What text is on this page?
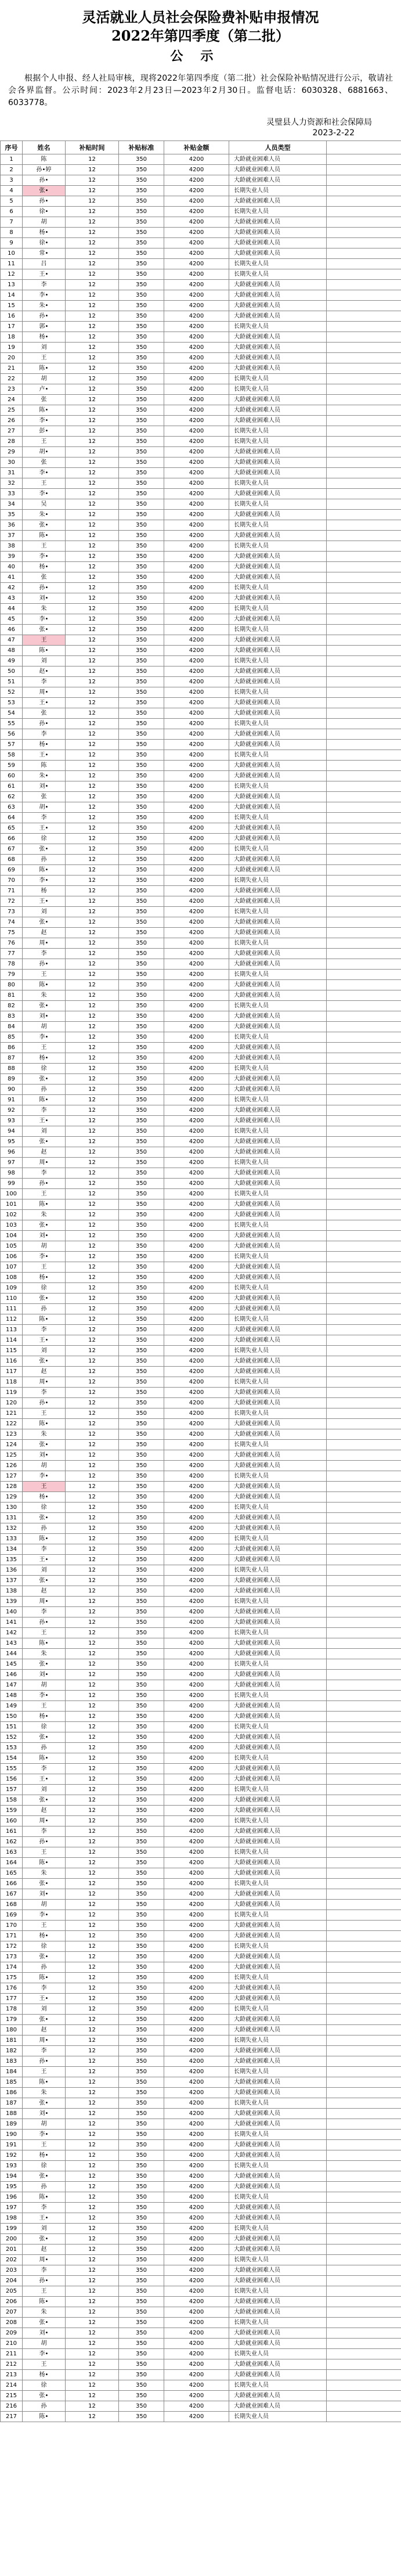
灵活就业人员社会保险费补贴申报情况
2022年第四季度（第二批）
公示

根据个人申报、经人社局审核，现将2022年第四季度（第二批）社会保险补贴情况进行公示，敬请社会各界监督。公示时间：2023年2月23日—2023年2月30日。监督电话：6030328、6881663、6033778。

灵璧县人力资源和社会保障局

2023-2-22
序号	姓名	补贴时间	补贴标准	补贴金额	人员类型	
1	陈	12	350	4200	大龄就业困难人员	
2	孙•婷	12	350	4200	大龄就业困难人员	
3	孙•	12	350	4200	大龄就业困难人员	
4	张•	12	350	4200	长期失业人员	
5	孙•	12	350	4200	大龄就业困难人员	
6	徐•	12	350	4200	长期失业人员	
7	胡	12	350	4200	大龄就业困难人员	
8	杨•	12	350	4200	大龄就业困难人员	
9	徐•	12	350	4200	大龄就业困难人员	
10	常•	12	350	4200	大龄就业困难人员	
11	吕	12	350	4200	长期失业人员	
12	王•	12	350	4200	长期失业人员	
13	李	12	350	4200	大龄就业困难人员	
14	李•	12	350	4200	大龄就业困难人员	
15	朱•	12	350	4200	大龄就业困难人员	
16	孙•	12	350	4200	大龄就业困难人员	
17	郭•	12	350	4200	长期失业人员	
18	杨•	12	350	4200	大龄就业困难人员	
19	刘	12	350	4200	大龄就业困难人员	
20	王	12	350	4200	大龄就业困难人员	
21	陈•	12	350	4200	大龄就业困难人员	
22	胡	12	350	4200	长期失业人员	
23	卢•	12	350	4200	长期失业人员	
24	张	12	350	4200	大龄就业困难人员	
25	陈•	12	350	4200	大龄就业困难人员	
26	李•	12	350	4200	大龄就业困难人员	
27	彭•	12	350	4200	长期失业人员	
28	王	12	350	4200	长期失业人员	
29	胡•	12	350	4200	大龄就业困难人员	
30	张	12	350	4200	大龄就业困难人员	
31	李•	12	350	4200	大龄就业困难人员	
32	王	12	350	4200	长期失业人员	
33	李•	12	350	4200	大龄就业困难人员	
34	吴	12	350	4200	长期失业人员	
35	朱•	12	350	4200	大龄就业困难人员	
36	张•	12	350	4200	长期失业人员	
37	陈•	12	350	4200	大龄就业困难人员	
38	王	12	350	4200	长期失业人员	
39	李•	12	350	4200	大龄就业困难人员	
40	杨•	12	350	4200	大龄就业困难人员	
41	张	12	350	4200	大龄就业困难人员	
42	孙•	12	350	4200	长期失业人员	
43	刘•	12	350	4200	大龄就业困难人员	
44	朱	12	350	4200	长期失业人员	
45	李•	12	350	4200	大龄就业困难人员	
46	张•	12	350	4200	长期失业人员	
47	王	12	350	4200	大龄就业困难人员	
48	陈•	12	350	4200	大龄就业困难人员	
49	刘	12	350	4200	长期失业人员	
50	赵•	12	350	4200	大龄就业困难人员	
51	李	12	350	4200	大龄就业困难人员	
52	周•	12	350	4200	长期失业人员	
53	王•	12	350	4200	大龄就业困难人员	
54	张	12	350	4200	大龄就业困难人员	
55	孙•	12	350	4200	长期失业人员	
56	李	12	350	4200	大龄就业困难人员	
57	杨•	12	350	4200	大龄就业困难人员	
58	王•	12	350	4200	长期失业人员	
59	陈	12	350	4200	大龄就业困难人员	
60	朱•	12	350	4200	大龄就业困难人员	
61	刘•	12	350	4200	长期失业人员	
62	张	12	350	4200	大龄就业困难人员	
63	胡•	12	350	4200	大龄就业困难人员	
64	李	12	350	4200	长期失业人员	
65	王•	12	350	4200	大龄就业困难人员	
66	徐	12	350	4200	大龄就业困难人员	
67	张•	12	350	4200	长期失业人员	
68	孙	12	350	4200	大龄就业困难人员	
69	陈•	12	350	4200	大龄就业困难人员	
70	李•	12	350	4200	长期失业人员	
71	杨	12	350	4200	大龄就业困难人员	
72	王•	12	350	4200	大龄就业困难人员	
73	刘	12	350	4200	长期失业人员	
74	张•	12	350	4200	大龄就业困难人员	
75	赵	12	350	4200	大龄就业困难人员	
76	周•	12	350	4200	长期失业人员	
77	李	12	350	4200	大龄就业困难人员	
78	孙•	12	350	4200	大龄就业困难人员	
79	王	12	350	4200	长期失业人员	
80	陈•	12	350	4200	大龄就业困难人员	
81	朱	12	350	4200	大龄就业困难人员	
82	张•	12	350	4200	长期失业人员	
83	刘•	12	350	4200	大龄就业困难人员	
84	胡	12	350	4200	大龄就业困难人员	
85	李•	12	350	4200	长期失业人员	
86	王	12	350	4200	大龄就业困难人员	
87	杨•	12	350	4200	大龄就业困难人员	
88	徐	12	350	4200	长期失业人员	
89	张•	12	350	4200	大龄就业困难人员	
90	孙	12	350	4200	大龄就业困难人员	
91	陈•	12	350	4200	长期失业人员	
92	李	12	350	4200	大龄就业困难人员	
93	王•	12	350	4200	大龄就业困难人员	
94	刘	12	350	4200	长期失业人员	
95	张•	12	350	4200	大龄就业困难人员	
96	赵	12	350	4200	大龄就业困难人员	
97	周•	12	350	4200	长期失业人员	
98	李	12	350	4200	大龄就业困难人员	
99	孙•	12	350	4200	大龄就业困难人员	
100	王	12	350	4200	长期失业人员	
101	陈•	12	350	4200	大龄就业困难人员	
102	朱	12	350	4200	大龄就业困难人员	
103	张•	12	350	4200	长期失业人员	
104	刘•	12	350	4200	大龄就业困难人员	
105	胡	12	350	4200	大龄就业困难人员	
106	李•	12	350	4200	长期失业人员	
107	王	12	350	4200	大龄就业困难人员	
108	杨•	12	350	4200	大龄就业困难人员	
109	徐	12	350	4200	长期失业人员	
110	张•	12	350	4200	大龄就业困难人员	
111	孙	12	350	4200	大龄就业困难人员	
112	陈•	12	350	4200	长期失业人员	
113	李	12	350	4200	大龄就业困难人员	
114	王•	12	350	4200	大龄就业困难人员	
115	刘	12	350	4200	长期失业人员	
116	张•	12	350	4200	大龄就业困难人员	
117	赵	12	350	4200	大龄就业困难人员	
118	周•	12	350	4200	长期失业人员	
119	李	12	350	4200	大龄就业困难人员	
120	孙•	12	350	4200	大龄就业困难人员	
121	王	12	350	4200	长期失业人员	
122	陈•	12	350	4200	大龄就业困难人员	
123	朱	12	350	4200	大龄就业困难人员	
124	张•	12	350	4200	长期失业人员	
125	刘•	12	350	4200	大龄就业困难人员	
126	胡	12	350	4200	大龄就业困难人员	
127	李•	12	350	4200	长期失业人员	
128	王	12	350	4200	大龄就业困难人员	
129	杨•	12	350	4200	大龄就业困难人员	
130	徐	12	350	4200	长期失业人员	
131	张•	12	350	4200	大龄就业困难人员	
132	孙	12	350	4200	大龄就业困难人员	
133	陈•	12	350	4200	长期失业人员	
134	李	12	350	4200	大龄就业困难人员	
135	王•	12	350	4200	大龄就业困难人员	
136	刘	12	350	4200	长期失业人员	
137	张•	12	350	4200	大龄就业困难人员	
138	赵	12	350	4200	大龄就业困难人员	
139	周•	12	350	4200	长期失业人员	
140	李	12	350	4200	大龄就业困难人员	
141	孙•	12	350	4200	大龄就业困难人员	
142	王	12	350	4200	长期失业人员	
143	陈•	12	350	4200	大龄就业困难人员	
144	朱	12	350	4200	大龄就业困难人员	
145	张•	12	350	4200	长期失业人员	
146	刘•	12	350	4200	大龄就业困难人员	
147	胡	12	350	4200	大龄就业困难人员	
148	李•	12	350	4200	长期失业人员	
149	王	12	350	4200	大龄就业困难人员	
150	杨•	12	350	4200	大龄就业困难人员	
151	徐	12	350	4200	长期失业人员	
152	张•	12	350	4200	大龄就业困难人员	
153	孙	12	350	4200	大龄就业困难人员	
154	陈•	12	350	4200	长期失业人员	
155	李	12	350	4200	大龄就业困难人员	
156	王•	12	350	4200	大龄就业困难人员	
157	刘	12	350	4200	长期失业人员	
158	张•	12	350	4200	大龄就业困难人员	
159	赵	12	350	4200	大龄就业困难人员	
160	周•	12	350	4200	长期失业人员	
161	李	12	350	4200	大龄就业困难人员	
162	孙•	12	350	4200	大龄就业困难人员	
163	王	12	350	4200	长期失业人员	
164	陈•	12	350	4200	大龄就业困难人员	
165	朱	12	350	4200	大龄就业困难人员	
166	张•	12	350	4200	长期失业人员	
167	刘•	12	350	4200	大龄就业困难人员	
168	胡	12	350	4200	大龄就业困难人员	
169	李•	12	350	4200	长期失业人员	
170	王	12	350	4200	大龄就业困难人员	
171	杨•	12	350	4200	大龄就业困难人员	
172	徐	12	350	4200	长期失业人员	
173	张•	12	350	4200	大龄就业困难人员	
174	孙	12	350	4200	大龄就业困难人员	
175	陈•	12	350	4200	长期失业人员	
176	李	12	350	4200	大龄就业困难人员	
177	王•	12	350	4200	大龄就业困难人员	
178	刘	12	350	4200	长期失业人员	
179	张•	12	350	4200	大龄就业困难人员	
180	赵	12	350	4200	大龄就业困难人员	
181	周•	12	350	4200	长期失业人员	
182	李	12	350	4200	大龄就业困难人员	
183	孙•	12	350	4200	大龄就业困难人员	
184	王	12	350	4200	长期失业人员	
185	陈•	12	350	4200	大龄就业困难人员	
186	朱	12	350	4200	大龄就业困难人员	
187	张•	12	350	4200	长期失业人员	
188	刘•	12	350	4200	大龄就业困难人员	
189	胡	12	350	4200	大龄就业困难人员	
190	李•	12	350	4200	长期失业人员	
191	王	12	350	4200	大龄就业困难人员	
192	杨•	12	350	4200	大龄就业困难人员	
193	徐	12	350	4200	长期失业人员	
194	张•	12	350	4200	大龄就业困难人员	
195	孙	12	350	4200	大龄就业困难人员	
196	陈•	12	350	4200	长期失业人员	
197	李	12	350	4200	大龄就业困难人员	
198	王•	12	350	4200	大龄就业困难人员	
199	刘	12	350	4200	长期失业人员	
200	张•	12	350	4200	大龄就业困难人员	
201	赵	12	350	4200	大龄就业困难人员	
202	周•	12	350	4200	长期失业人员	
203	李	12	350	4200	大龄就业困难人员	
204	孙•	12	350	4200	大龄就业困难人员	
205	王	12	350	4200	长期失业人员	
206	陈•	12	350	4200	大龄就业困难人员	
207	朱	12	350	4200	大龄就业困难人员	
208	张•	12	350	4200	长期失业人员	
209	刘•	12	350	4200	大龄就业困难人员	
210	胡	12	350	4200	大龄就业困难人员	
211	李•	12	350	4200	长期失业人员	
212	王	12	350	4200	大龄就业困难人员	
213	杨•	12	350	4200	大龄就业困难人员	
214	徐	12	350	4200	长期失业人员	
215	张•	12	350	4200	大龄就业困难人员	
216	孙	12	350	4200	大龄就业困难人员	
217	陈•	12	350	4200	长期失业人员	
